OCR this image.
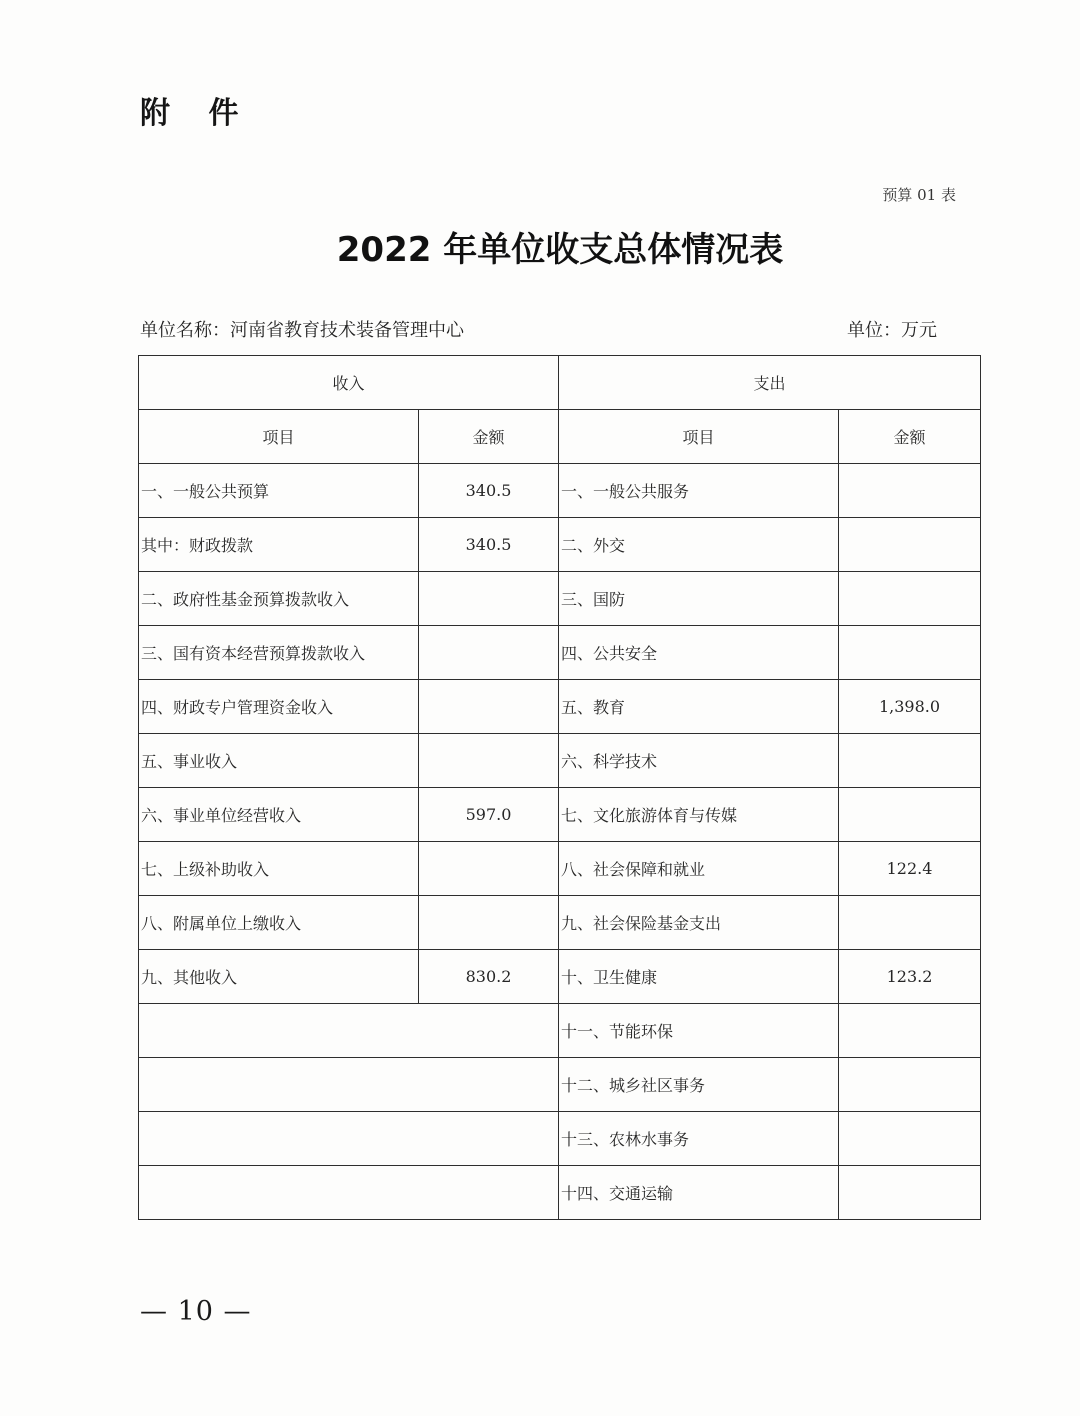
附 件
预算 01 表
2022 年单位收支总体情况表
单位名称：河南省教育技术装备管理中心	单位：万元
收入		支出	
项目	金额	项目	金额
一、一般公共预算	340.5	一、一般公共服务	
其中：财政拨款	340.5	二、外交	
二、政府性基金预算拨款收入		三、国防	
三、国有资本经营预算拨款收入		四、公共安全	
四、财政专户管理资金收入		五、教育	1,398.0
五、事业收入		六、科学技术	
六、事业单位经营收入	597.0	七、文化旅游体育与传媒	
七、上级补助收入		八、社会保障和就业	122.4
八、附属单位上缴收入		九、社会保险基金支出	
九、其他收入	830.2	十、卫生健康	123.2
		十一、节能环保	
		十二、城乡社区事务	
		十三、农林水事务	
		十四、交通运输	
— 10 —
